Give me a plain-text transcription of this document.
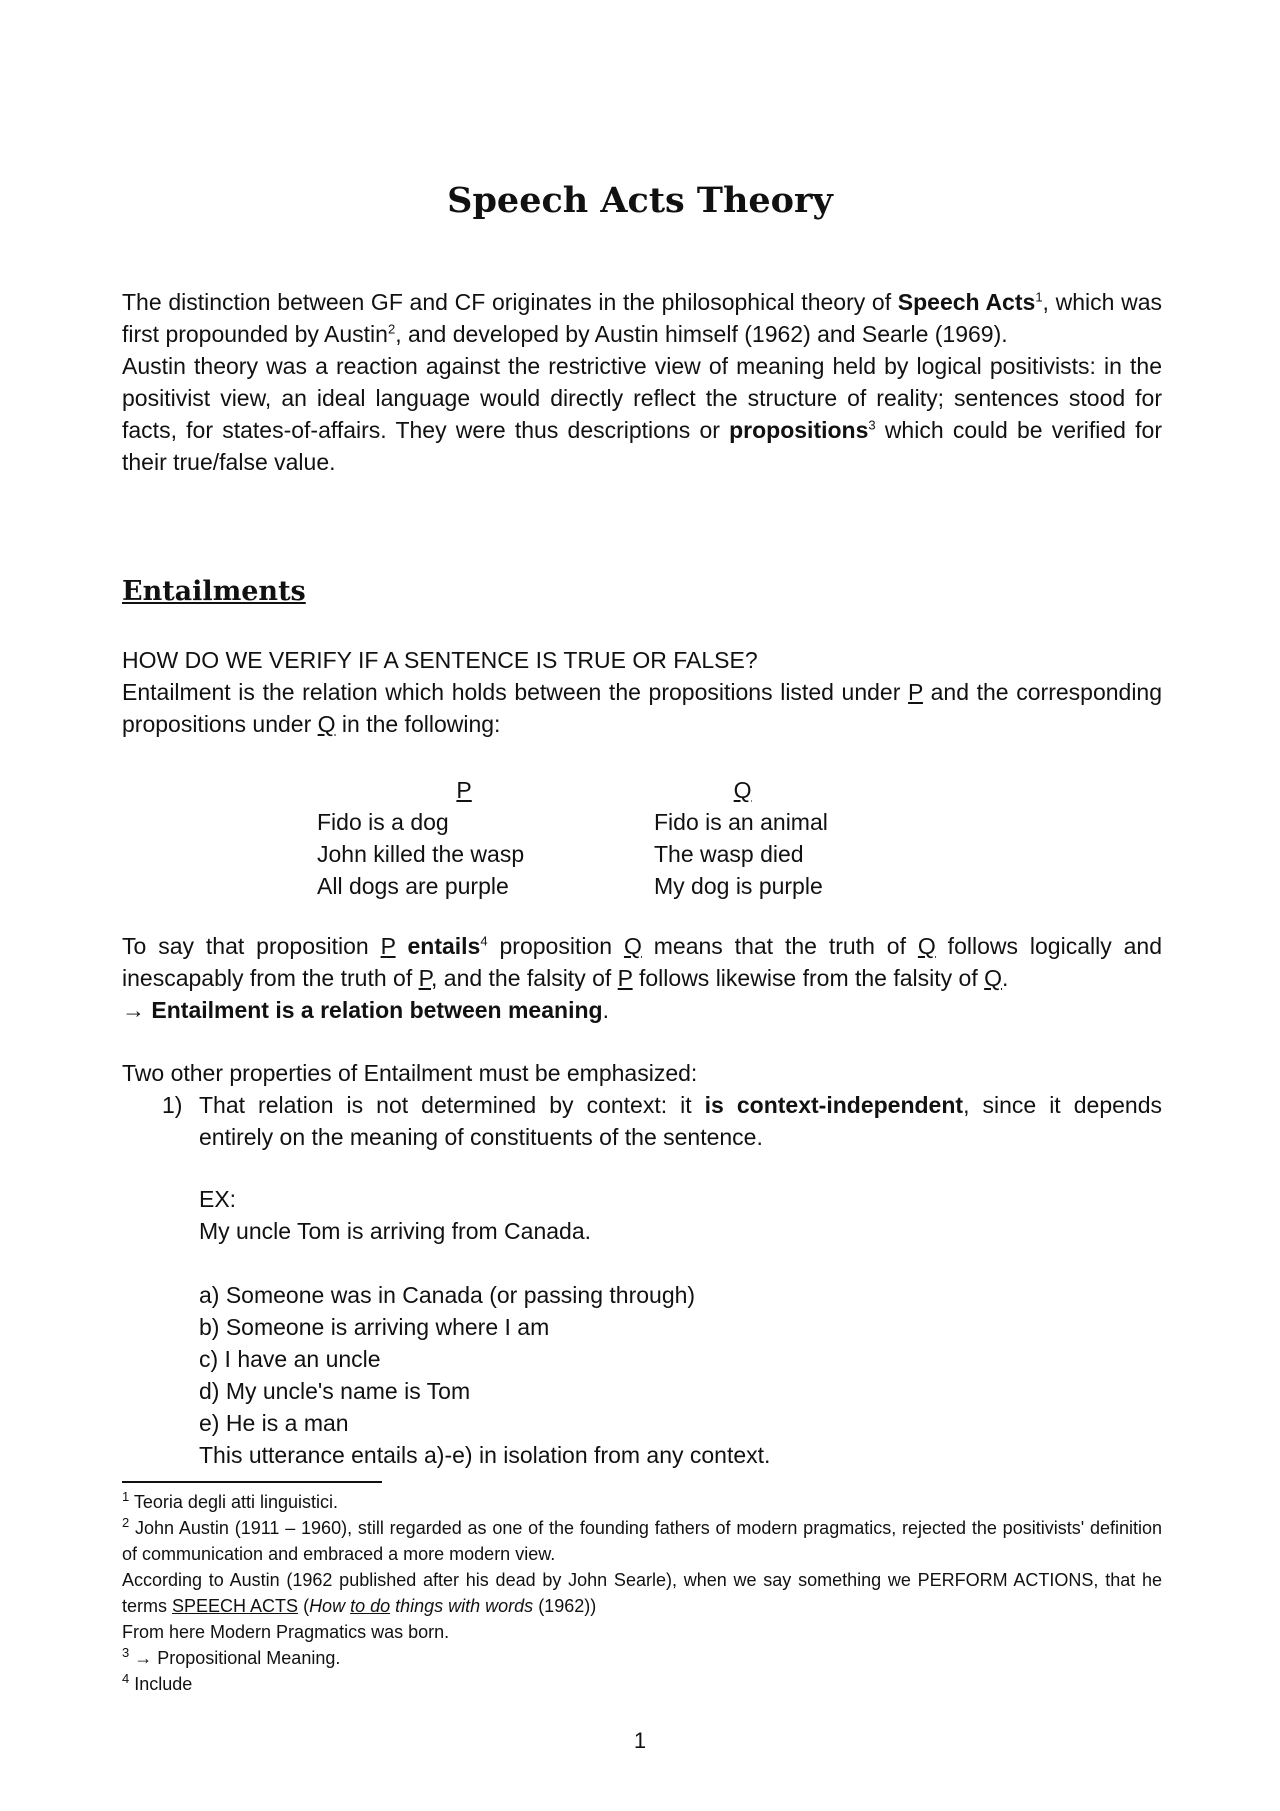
Speech Acts Theory

The distinction between GF and CF originates in the philosophical theory of Speech Acts$^1$, which was first propounded by Austin$^2$, and developed by Austin himself (1962) and Searle (1969).

Austin theory was a reaction against the restrictive view of meaning held by logical positivists: in the positivist view, an ideal language would directly reflect the structure of reality; sentences stood for facts, for states-of-affairs. They were thus descriptions or propositions$^3$ which could be verified for their true/false value.

Entailments

HOW DO WE VERIFY IF A SENTENCE IS TRUE OR FALSE?

Entailment is the relation which holds between the propositions listed under P and the corresponding propositions under Q in the following:

P	Q
Fido is a dog	Fido is an animal
John killed the wasp	The wasp died
All dogs are purple	My dog is purple

To say that proposition P entails$^4$ proposition Q means that the truth of Q follows logically and inescapably from the truth of P, and the falsity of P follows likewise from the falsity of Q.

→ Entailment is a relation between meaning.

Two other properties of Entailment must be emphasized:

1) That relation is not determined by context: it is context-independent, since it depends entirely on the meaning of constituents of the sentence.

EX:

My uncle Tom is arriving from Canada.

a) Someone was in Canada (or passing through)

b) Someone is arriving where I am

c) I have an uncle

d) My uncle's name is Tom

e) He is a man

This utterance entails a)-e) in isolation from any context.

$^1$ Teoria degli atti linguistici.

$^2$ John Austin (1911 – 1960), still regarded as one of the founding fathers of modern pragmatics, rejected the positivists' definition of communication and embraced a more modern view.

According to Austin (1962 published after his dead by John Searle), when we say something we PERFORM ACTIONS, that he terms SPEECH ACTS (How to do things with words (1962))

From here Modern Pragmatics was born.

$^3$ → Propositional Meaning.

$^4$ Include

1
